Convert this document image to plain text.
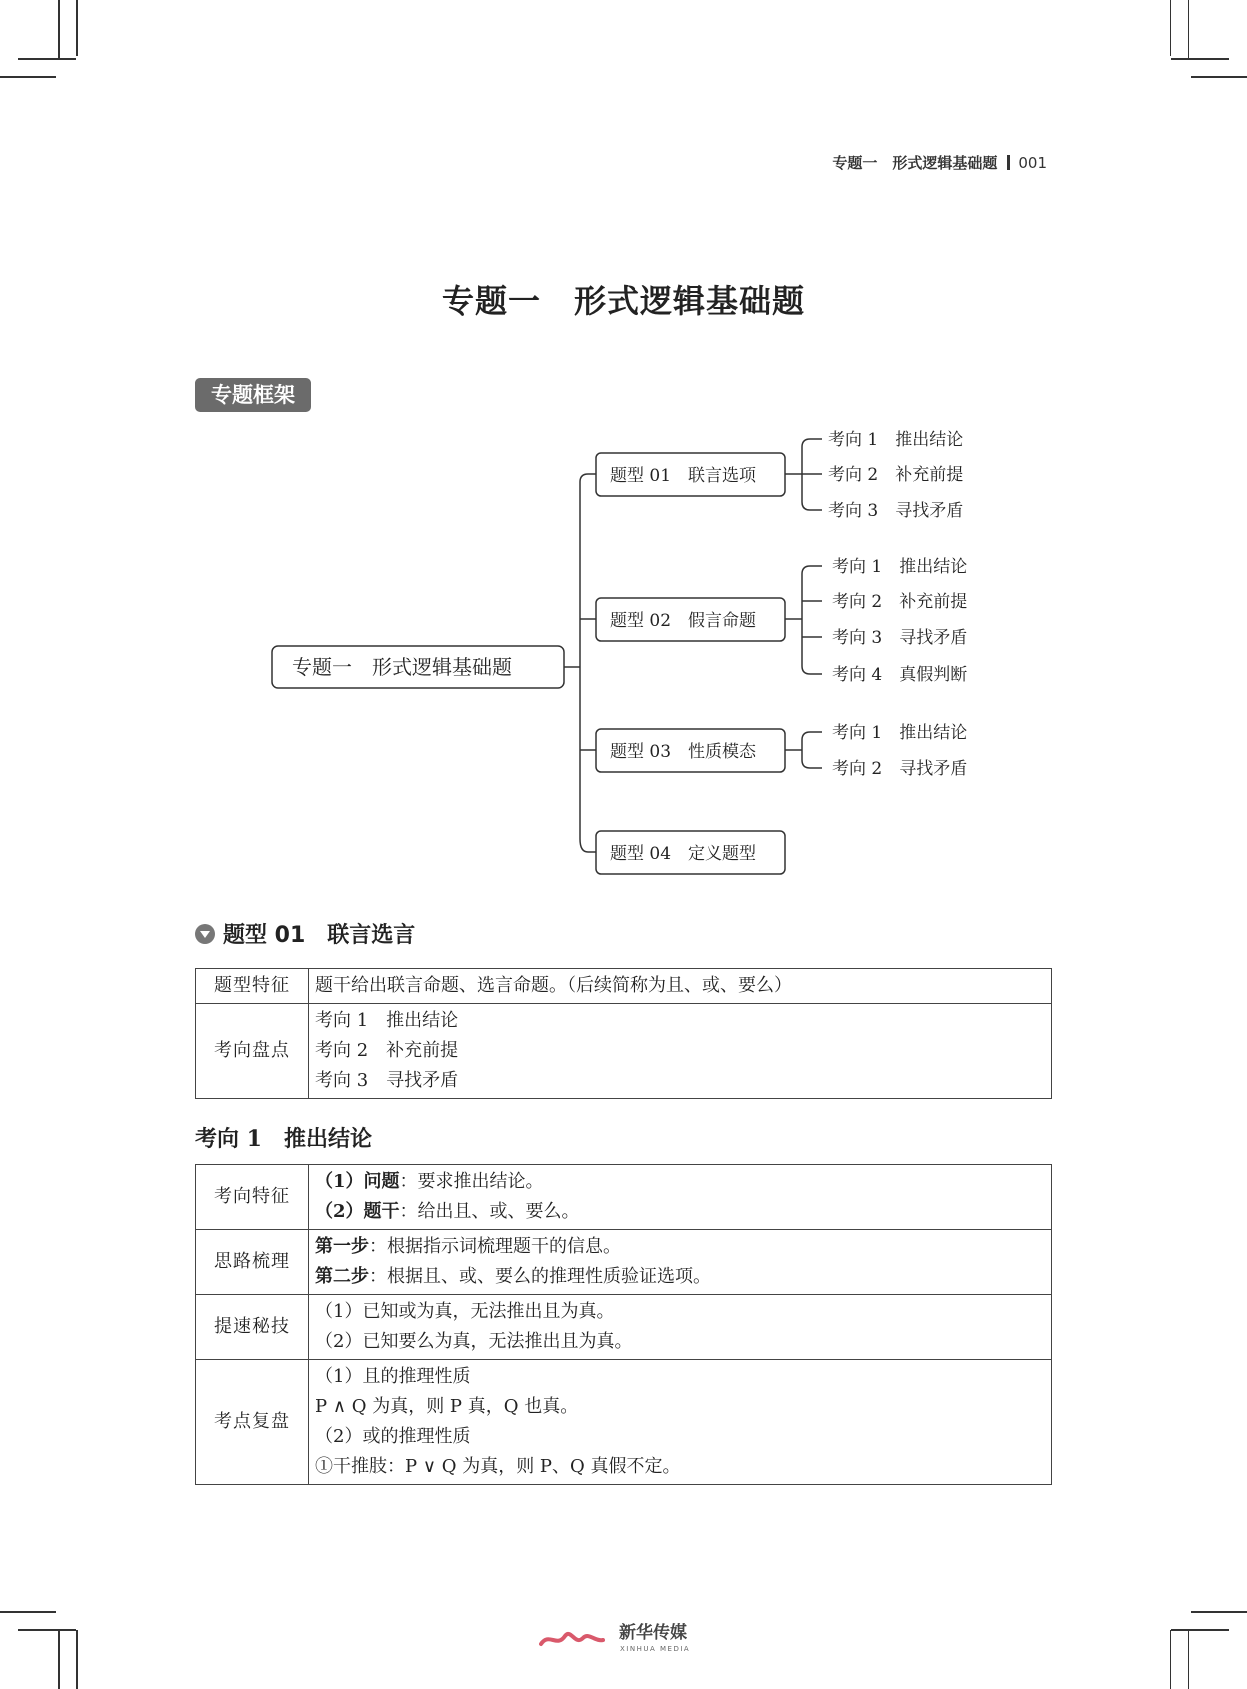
专题一　形式逻辑基础题 001
专题一　形式逻辑基础题
专题框架
专题一　形式逻辑基础题
题型 01　联言选项
题型 02　假言命题
题型 03　性质模态
题型 04　定义题型
考向 1　推出结论
考向 2　补充前提
考向 3　寻找矛盾
考向 1　推出结论
考向 2　补充前提
考向 3　寻找矛盾
考向 4　真假判断
考向 1　推出结论
考向 2　寻找矛盾
题型 01　联言选言
题型特征	题干给出联言命题、选言命题。（后续简称为且、或、要么）
考向盘点	考向 1　推出结论
考向 2　补充前提
考向 3　寻找矛盾
考向 1　推出结论
考向特征	（1）问题：要求推出结论。
（2）题干：给出且、或、要么。

思路梳理	第一步：根据指示词梳理题干的信息。
第二步：根据且、或、要么的推理性质验证选项。

提速秘技	（1）已知或为真，无法推出且为真。
（2）已知要么为真，无法推出且为真。

考点复盘	（1）且的推理性质
P ∧ Q 为真，则 P 真，Q 也真。
（2）或的推理性质
①干推肢：P ∨ Q 为真，则 P、Q 真假不定。
新华传媒
XINHUA MEDIA
